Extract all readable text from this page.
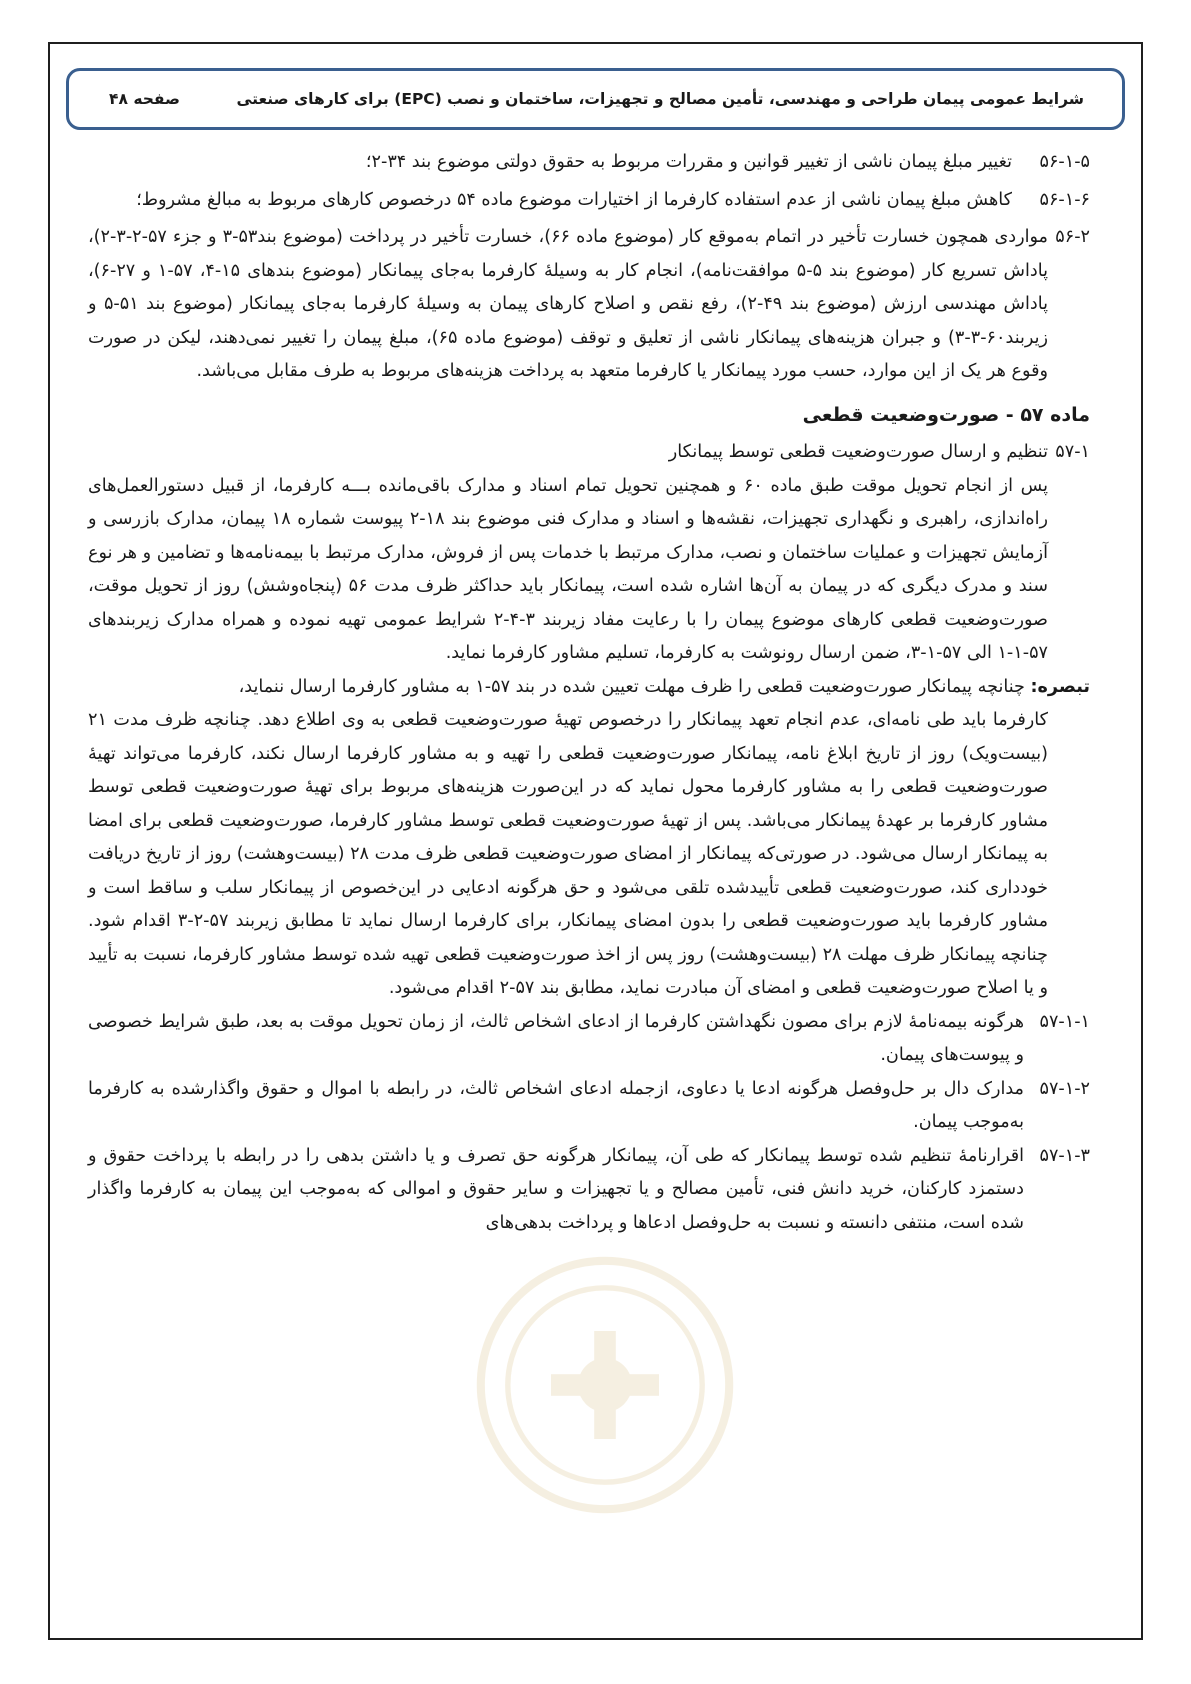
شرایط عمومی پیمان طراحی و مهندسی، تأمین مصالح و تجهیزات، ساختمان و نصب (EPC) برای کارهای صنعتی
صفحه ۴۸
۵۶-۱-۵
تغییر مبلغ پیمان ناشی از تغییر قوانین و مقررات مربوط به حقوق دولتی موضوع بند ۳۴-۲؛
۵۶-۱-۶
کاهش مبلغ پیمان ناشی از عدم استفاده کارفرما از اختیارات موضوع ماده ۵۴ درخصوص کارهای مربوط به مبالغ مشروط؛
۵۶-۲
مواردی همچون خسارت تأخیر در اتمام به‌موقع کار (موضوع ماده ۶۶)، خسارت تأخیر در پرداخت (موضوع بند۵۳-۳ و جزء ۵۷-۲-۳-۲)، پاداش تسریع کار (موضوع بند ۵-۵ موافقت‌نامه)، انجام کار به وسیلهٔ کارفرما به‌جای پیمانکار (موضوع بندهای ۱۵-۴، ۵۷-۱ و ۲۷-۶)، پاداش مهندسی ارزش (موضوع بند ۴۹-۲)، رفع نقص و اصلاح کارهای پیمان به وسیلهٔ کارفرما به‌جای پیمانکار (موضوع بند ۵۱-۵ و زیربند۶۰-۳-۳) و جبران هزینه‌های پیمانکار ناشی از تعلیق و توقف (موضوع ماده ۶۵)، مبلغ پیمان را تغییر نمی‌دهند، لیکن در صورت وقوع هر یک از این موارد، حسب مورد پیمانکار یا کارفرما متعهد به پرداخت هزینه‌های مربوط به طرف مقابل می‌باشد.
ماده ۵۷ - صورت‌وضعیت قطعی
۵۷-۱
تنظیم و ارسال صورت‌وضعیت قطعی توسط پیمانکار
پس از انجام تحویل موقت طبق ماده ۶۰ و همچنین تحویل تمام اسناد و مدارک باقی‌مانده بـــه کارفرما، از قبیل دستورالعمل‌های راه‌اندازی، راهبری و نگهداری تجهیزات، نقشه‌ها و اسناد و مدارک فنی موضوع بند ۱۸-۲ پیوست شماره ۱۸ پیمان، مدارک بازرسی و آزمایش تجهیزات و عملیات ساختمان و نصب، مدارک مرتبط با خدمات پس از فروش، مدارک مرتبط با بیمه‌نامه‌ها و تضامین و هر نوع سند و مدرک دیگری که در پیمان به آن‌ها اشاره شده است، پیمانکار باید حداکثر ظرف مدت ۵۶ (پنجاه‌وشش) روز از تحویل موقت، صورت‌وضعیت قطعی کارهای موضوع پیمان را با رعایت مفاد زیربند ۳-۴-۲ شرایط عمومی تهیه نموده و همراه مدارک زیربندهای ۵۷-۱-۱ الی ۵۷-۱-۳، ضمن ارسال رونوشت به کارفرما، تسلیم مشاور کارفرما نماید.
تبصره: چنانچه پیمانکار صورت‌وضعیت قطعی را ظرف مهلت تعیین شده در بند ۵۷-۱ به مشاور کارفرما ارسال ننماید،
کارفرما باید طی نامه‌ای، عدم انجام تعهد پیمانکار را درخصوص تهیهٔ صورت‌وضعیت قطعی به وی اطلاع دهد. چنانچه ظرف مدت ۲۱ (بیست‌ویک) روز از تاریخ ابلاغ نامه، پیمانکار صورت‌وضعیت قطعی را تهیه و به مشاور کارفرما ارسال نکند، کارفرما می‌تواند تهیهٔ صورت‌وضعیت قطعی را به مشاور کارفرما محول نماید که در این‌صورت هزینه‌های مربوط برای تهیهٔ صورت‌وضعیت قطعی توسط مشاور کارفرما بر عهدهٔ پیمانکار می‌باشد. پس از تهیهٔ صورت‌وضعیت قطعی توسط مشاور کارفرما، صورت‌وضعیت قطعی برای امضا به پیمانکار ارسال می‌شود. در صورتی‌که پیمانکار از امضای صورت‌وضعیت قطعی ظرف مدت ۲۸ (بیست‌وهشت) روز از تاریخ دریافت خودداری کند، صورت‌وضعیت قطعی تأییدشده تلقی می‌شود و حق هرگونه ادعایی در این‌خصوص از پیمانکار سلب و ساقط است و مشاور کارفرما باید صورت‌وضعیت قطعی را بدون امضای پیمانکار، برای کارفرما ارسال نماید تا مطابق زیربند ۵۷-۲-۳ اقدام شود. چنانچه پیمانکار ظرف مهلت ۲۸ (بیست‌وهشت) روز پس از اخذ صورت‌وضعیت قطعی تهیه شده توسط مشاور کارفرما، نسبت به تأیید و یا اصلاح صورت‌وضعیت قطعی و امضای آن مبادرت نماید، مطابق بند ۵۷-۲ اقدام می‌شود.
۵۷-۱-۱
هرگونه بیمه‌نامهٔ لازم برای مصون نگهداشتن کارفرما از ادعای اشخاص ثالث، از زمان تحویل موقت به بعد، طبق شرایط خصوصی و پیوست‌های پیمان.
۵۷-۱-۲
مدارک دال بر حل‌وفصل هرگونه ادعا یا دعاوی، ازجمله ادعای اشخاص ثالث، در رابطه با اموال و حقوق واگذارشده به کارفرما به‌موجب پیمان.
۵۷-۱-۳
اقرارنامهٔ تنظیم شده توسط پیمانکار که طی آن، پیمانکار هرگونه حق تصرف و یا داشتن بدهی را در رابطه با پرداخت حقوق و دستمزد کارکنان، خرید دانش فنی، تأمین مصالح و یا تجهیزات و سایر حقوق و اموالی که به‌موجب این پیمان به کارفرما واگذار شده است، منتفی دانسته و نسبت به حل‌وفصل ادعاها و پرداخت بدهی‌های
